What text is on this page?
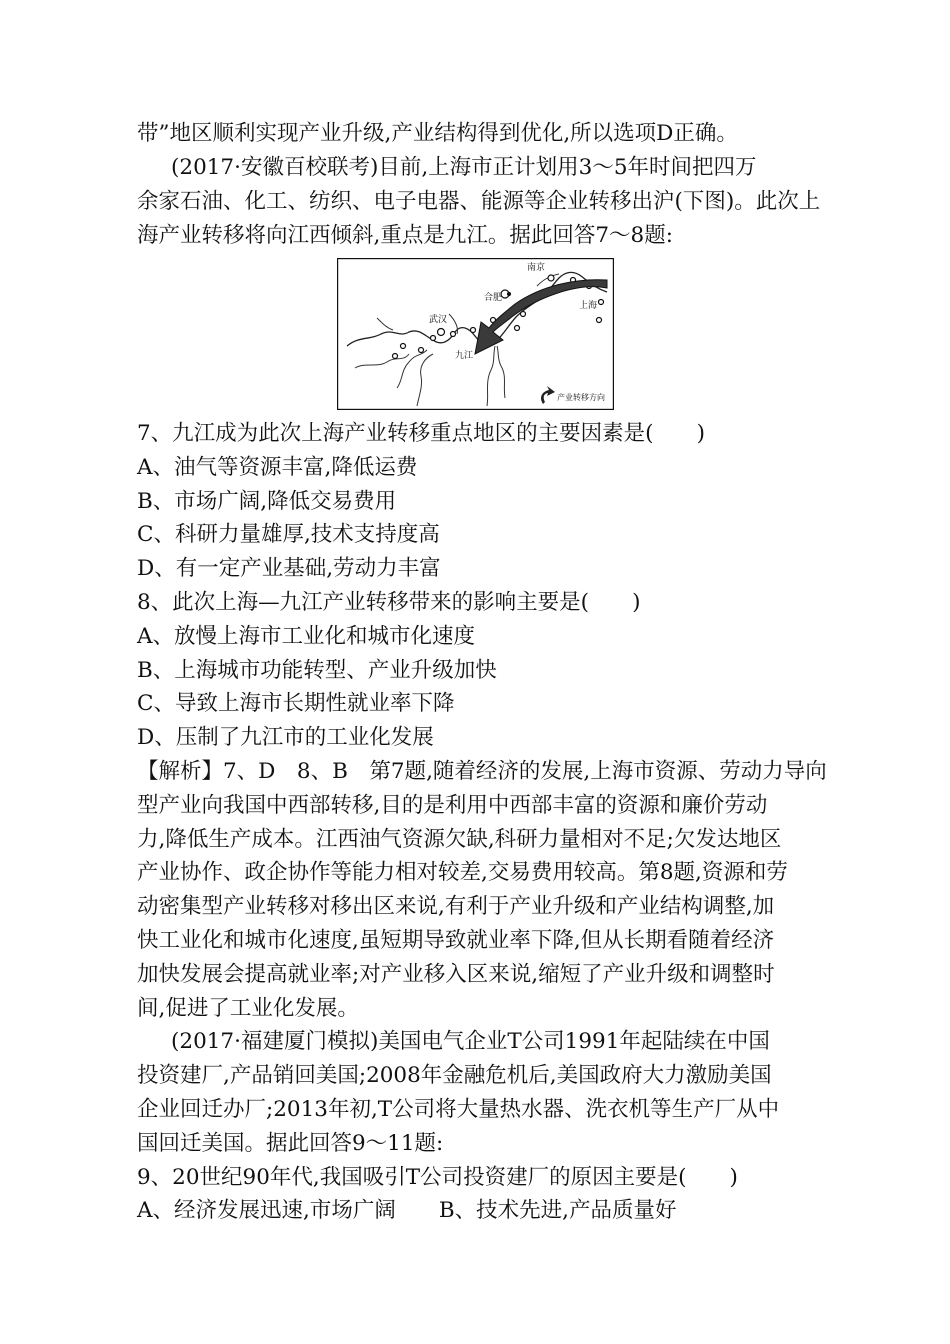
带”地区顺利实现产业升级,产业结构得到优化,所以选项D正确。
(2017·安徽百校联考)目前,上海市正计划用3～5年时间把四万
余家石油、化工、纺织、电子电器、能源等企业转移出沪(下图)。此次上
海产业转移将向江西倾斜,重点是九江。据此回答7～8题:
南京
合肥
上海
武汉
九江
产业转移方向
7、九江成为此次上海产业转移重点地区的主要因素是(　　)
A、油气等资源丰富,降低运费
B、市场广阔,降低交易费用
C、科研力量雄厚,技术支持度高
D、有一定产业基础,劳动力丰富
8、此次上海—九江产业转移带来的影响主要是(　　)
A、放慢上海市工业化和城市化速度
B、上海城市功能转型、产业升级加快
C、导致上海市长期性就业率下降
D、压制了九江市的工业化发展
【解析】7、D　8、B　第7题,随着经济的发展,上海市资源、劳动力导向
型产业向我国中西部转移,目的是利用中西部丰富的资源和廉价劳动
力,降低生产成本。江西油气资源欠缺,科研力量相对不足;欠发达地区
产业协作、政企协作等能力相对较差,交易费用较高。第8题,资源和劳
动密集型产业转移对移出区来说,有利于产业升级和产业结构调整,加
快工业化和城市化速度,虽短期导致就业率下降,但从长期看随着经济
加快发展会提高就业率;对产业移入区来说,缩短了产业升级和调整时
间,促进了工业化发展。
(2017·福建厦门模拟)美国电气企业T公司1991年起陆续在中国
投资建厂,产品销回美国;2008年金融危机后,美国政府大力激励美国
企业回迁办厂;2013年初,T公司将大量热水器、洗衣机等生产厂从中
国回迁美国。据此回答9～11题:
9、20世纪90年代,我国吸引T公司投资建厂的原因主要是(　　)
A、经济发展迅速,市场广阔　　B、技术先进,产品质量好
